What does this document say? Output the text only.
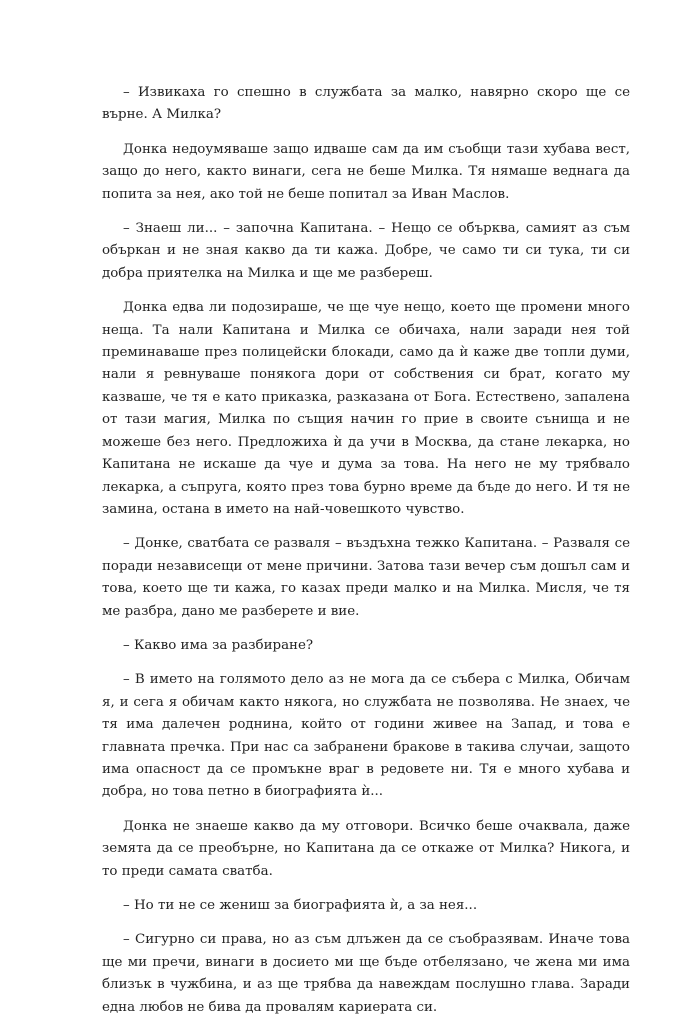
– Извикаха го спешно в службата за малко, навярно скоро ще се върне. А Милка?

Донка недоумяваше защо идваше сам да им съобщи тази хубава вест, защо до него, както винаги, сега не беше Милка. Тя нямаше веднага да попита за нея, ако той не беше попитал за Иван Маслов.

– Знаеш ли... – започна Капитана. – Нещо се обърква, самият аз съм объркан и не зная какво да ти кажа. Добре, че само ти си тука, ти си добра приятелка на Милка и ще ме разбереш.

Донка едва ли подозираше, че ще чуе нещо, което ще промени много неща. Та нали Капитана и Милка се обичаха, нали заради нея той преминаваше през полицейски блокади, само да ѝ каже две топли думи, нали я ревнуваше понякога дори от собствения си брат, когато му казваше, че тя е като приказка, разказана от Бога. Естествено, запалена от тази магия, Милка по същия начин го прие в своите сънища и не можеше без него. Предложиха ѝ да учи в Москва, да стане лекарка, но Капитана не искаше да чуе и дума за това. На него не му трябвало лекарка, а съпруга, която през това бурно време да бъде до него. И тя не замина, остана в името на най-човешкото чувство.

– Донке, сватбата се разваля – въздъхна тежко Капитана. – Разваля се поради независещи от мене причини. Затова тази вечер съм дошъл сам и това, което ще ти кажа, го казах преди малко и на Милка. Мисля, че тя ме разбра, дано ме разберете и вие.

– Какво има за разбиране?

– В името на голямото дело аз не мога да се събера с Милка, Обичам я, и сега я обичам както някога, но службата не позволява. Не знаех, че тя има далечен роднина, който от години живее на Запад, и това е главната пречка. При нас са забранени бракове в такива случаи, защото има опасност да се промъкне враг в редовете ни. Тя е много хубава и добра, но това петно в биографията ѝ...

Донка не знаеше какво да му отговори. Всичко беше очаквала, даже земята да се преобърне, но Капитана да се откаже от Милка? Никога, и то преди самата сватба.

– Но ти не се жениш за биографията ѝ, а за нея...

– Сигурно си права, но аз съм длъжен да се съобразявам. Иначе това ще ми пречи, винаги в досието ми ще бъде отбелязано, че жена ми има близък в чужбина, и аз ще трябва да навеждам послушно глава. Заради една любов не бива да провалям кариерата си.
